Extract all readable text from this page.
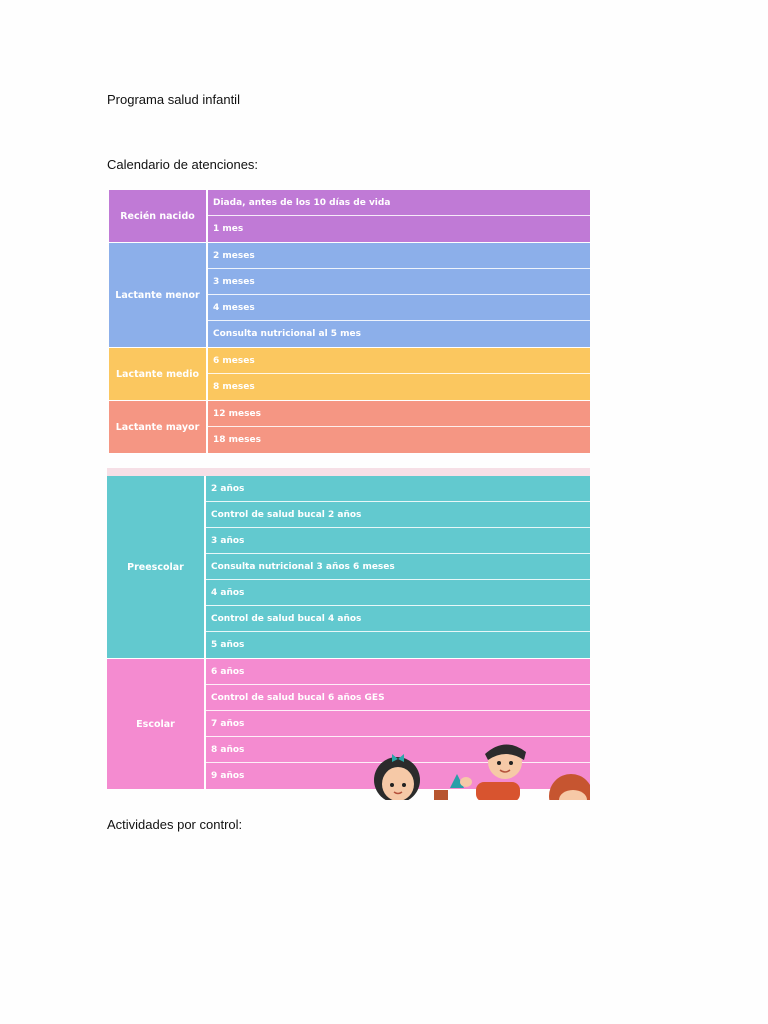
Programa salud infantil
Calendario de atenciones:
Recién nacido
Diada, antes de los 10 días de vida
1 mes
Lactante menor
2 meses
3 meses
4 meses
Consulta nutricional al 5 mes
Lactante medio
6 meses
8 meses
Lactante mayor
12 meses
18 meses
Preescolar
2 años
Control de salud bucal 2 años
3 años
Consulta nutricional 3 años 6 meses
4 años
Control de salud bucal 4 años
5 años
Escolar
6 años
Control de salud bucal 6 años GES
7 años
8 años
9 años
Actividades por control:
